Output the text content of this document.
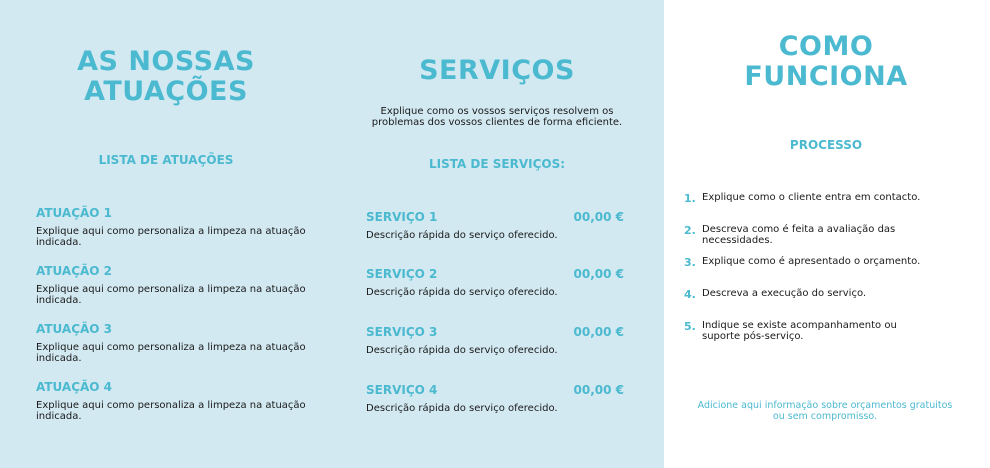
AS NOSSAS
ATUAÇÕES
LISTA DE ATUAÇÕES
ATUAÇÃO 1
Explique aqui como personaliza a limpeza na atuação indicada.
ATUAÇÃO 2
Explique aqui como personaliza a limpeza na atuação indicada.
ATUAÇÃO 3
Explique aqui como personaliza a limpeza na atuação indicada.
ATUAÇÃO 4
Explique aqui como personaliza a limpeza na atuação indicada.
SERVIÇOS
Explique como os vossos serviços resolvem os problemas dos vossos clientes de forma eficiente.
LISTA DE SERVIÇOS:
SERVIÇO 1	00,00 €
Descrição rápida do serviço oferecido.
SERVIÇO 2	00,00 €
Descrição rápida do serviço oferecido.
SERVIÇO 3	00,00 €
Descrição rápida do serviço oferecido.
SERVIÇO 4	00,00 €
Descrição rápida do serviço oferecido.
COMO
FUNCIONA
PROCESSO
1. Explique como o cliente entra em contacto.
2. Descreva como é feita a avaliação das necessidades.
3. Explique como é apresentado o orçamento.
4. Descreva a execução do serviço.
5. Indique se existe acompanhamento ou suporte pós-serviço.
Adicione aqui informação sobre orçamentos gratuitos ou sem compromisso.
